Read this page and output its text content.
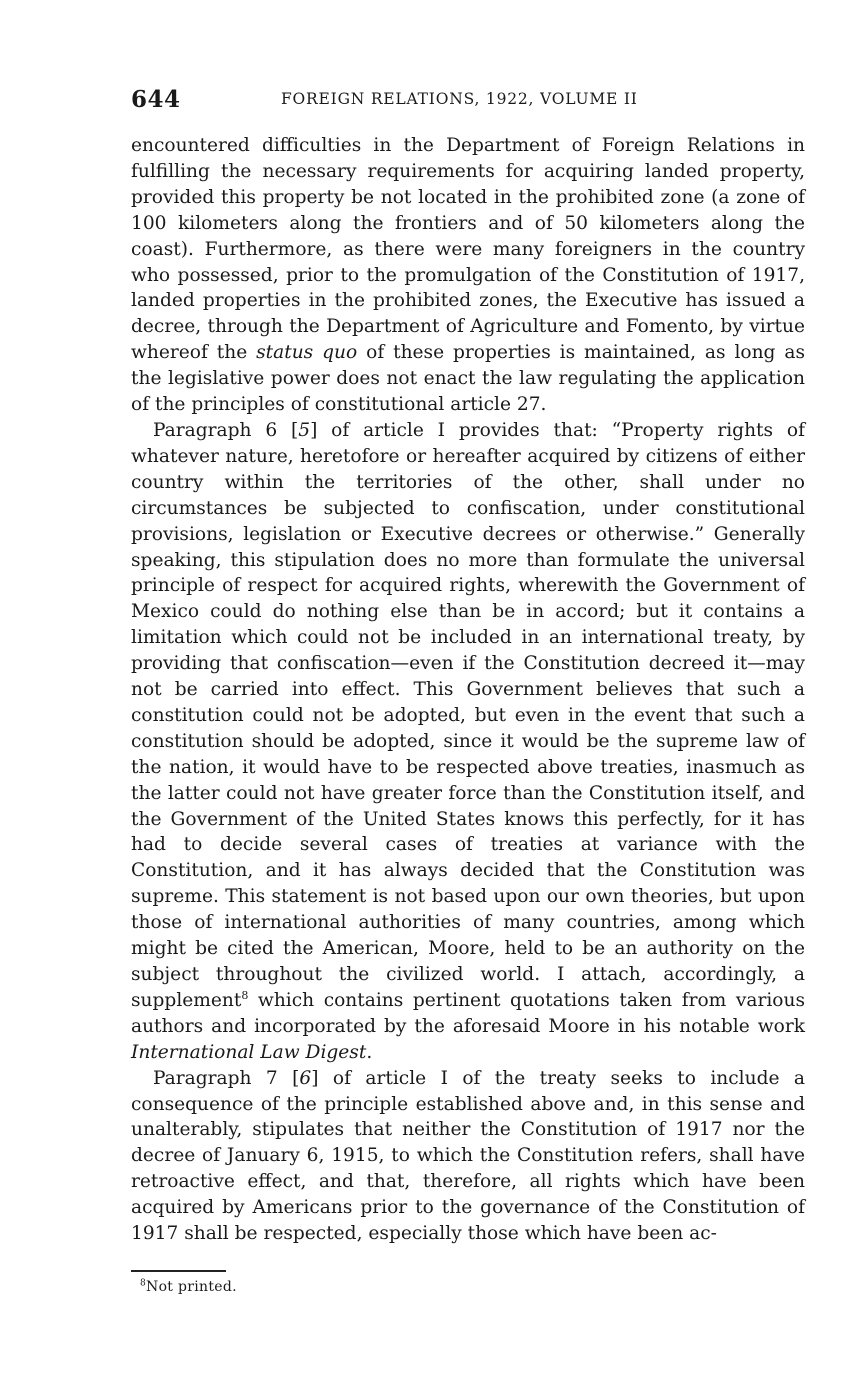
644	FOREIGN RELATIONS, 1922, VOLUME II

encountered difficulties in the Department of Foreign Relations in fulfilling the necessary requirements for acquiring landed property, provided this property be not located in the prohibited zone (a zone of 100 kilometers along the frontiers and of 50 kilometers along the coast). Furthermore, as there were many foreigners in the country who possessed, prior to the promulgation of the Constitution of 1917, landed properties in the prohibited zones, the Executive has issued a decree, through the Department of Agriculture and Fomento, by virtue whereof the status quo of these properties is maintained, as long as the legislative power does not enact the law regulating the application of the principles of constitutional article 27.

Paragraph 6 [5] of article I provides that: “Property rights of whatever nature, heretofore or hereafter acquired by citizens of either country within the territories of the other, shall under no circumstances be subjected to confiscation, under constitutional provisions, legislation or Executive decrees or otherwise.” Generally speaking, this stipulation does no more than formulate the universal principle of respect for acquired rights, wherewith the Government of Mexico could do nothing else than be in accord; but it contains a limitation which could not be included in an international treaty, by providing that confiscation—even if the Constitution decreed it—may not be carried into effect. This Government believes that such a constitution could not be adopted, but even in the event that such a constitution should be adopted, since it would be the supreme law of the nation, it would have to be respected above treaties, inasmuch as the latter could not have greater force than the Constitution itself, and the Government of the United States knows this perfectly, for it has had to decide several cases of treaties at variance with the Constitution, and it has always decided that the Constitution was supreme. This statement is not based upon our own theories, but upon those of international authorities of many countries, among which might be cited the American, Moore, held to be an authority on the subject throughout the civilized world. I attach, accordingly, a supplement$^8$ which contains pertinent quotations taken from various authors and incorporated by the aforesaid Moore in his notable work International Law Digest.

Paragraph 7 [6] of article I of the treaty seeks to include a consequence of the principle established above and, in this sense and unalterably, stipulates that neither the Constitution of 1917 nor the decree of January 6, 1915, to which the Constitution refers, shall have retroactive effect, and that, therefore, all rights which have been acquired by Americans prior to the governance of the Constitution of 1917 shall be respected, especially those which have been ac-

$^8$Not printed.
